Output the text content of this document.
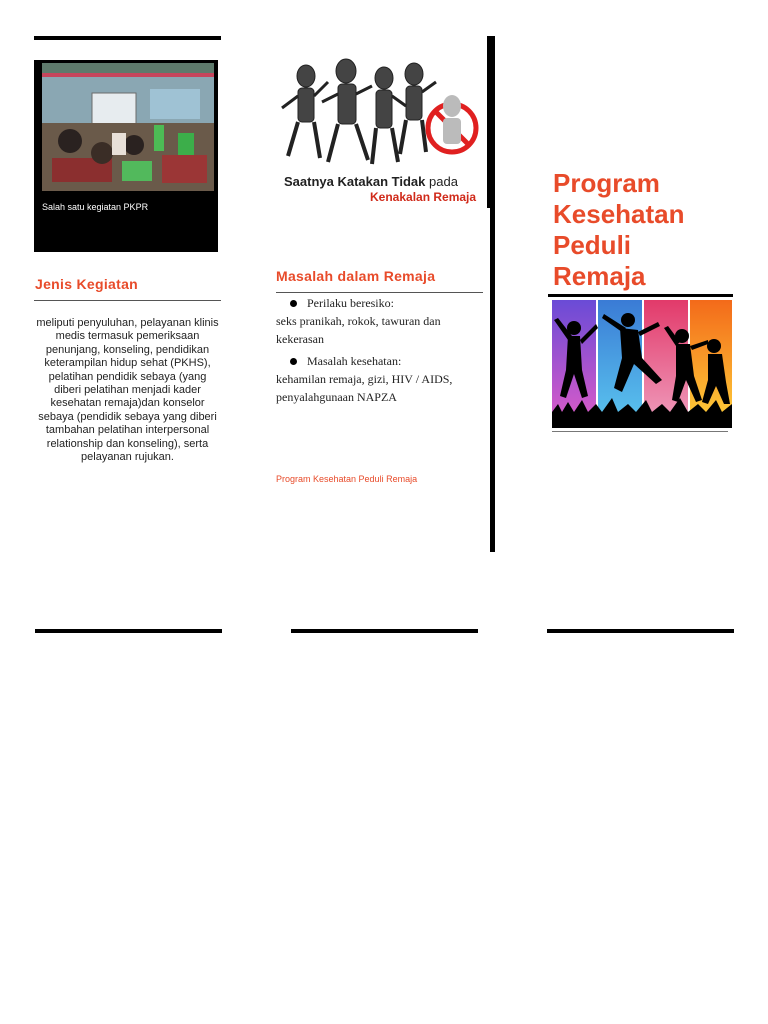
Salah satu kegiatan PKPR
Jenis Kegiatan
meliputi penyuluhan, pelayanan klinis medis termasuk pemeriksaan penunjang, konseling, pendidikan keterampilan hidup sehat (PKHS), pelatihan pendidik sebaya (yang diberi pelatihan menjadi kader kesehatan remaja)dan konselor sebaya (pendidik sebaya yang diberi tambahan pelatihan interpersonal relationship dan konseling), serta pelayanan rujukan.
Saatnya Katakan Tidak pada
Kenakalan Remaja
Masalah dalam Remaja
Perilaku beresiko:
seks pranikah, rokok, tawuran dan kekerasan
Masalah kesehatan:
kehamilan remaja, gizi, HIV / AIDS, penyalahgunaan NAPZA
Program Kesehatan Peduli Remaja
Program
Kesehatan
Peduli
Remaja
